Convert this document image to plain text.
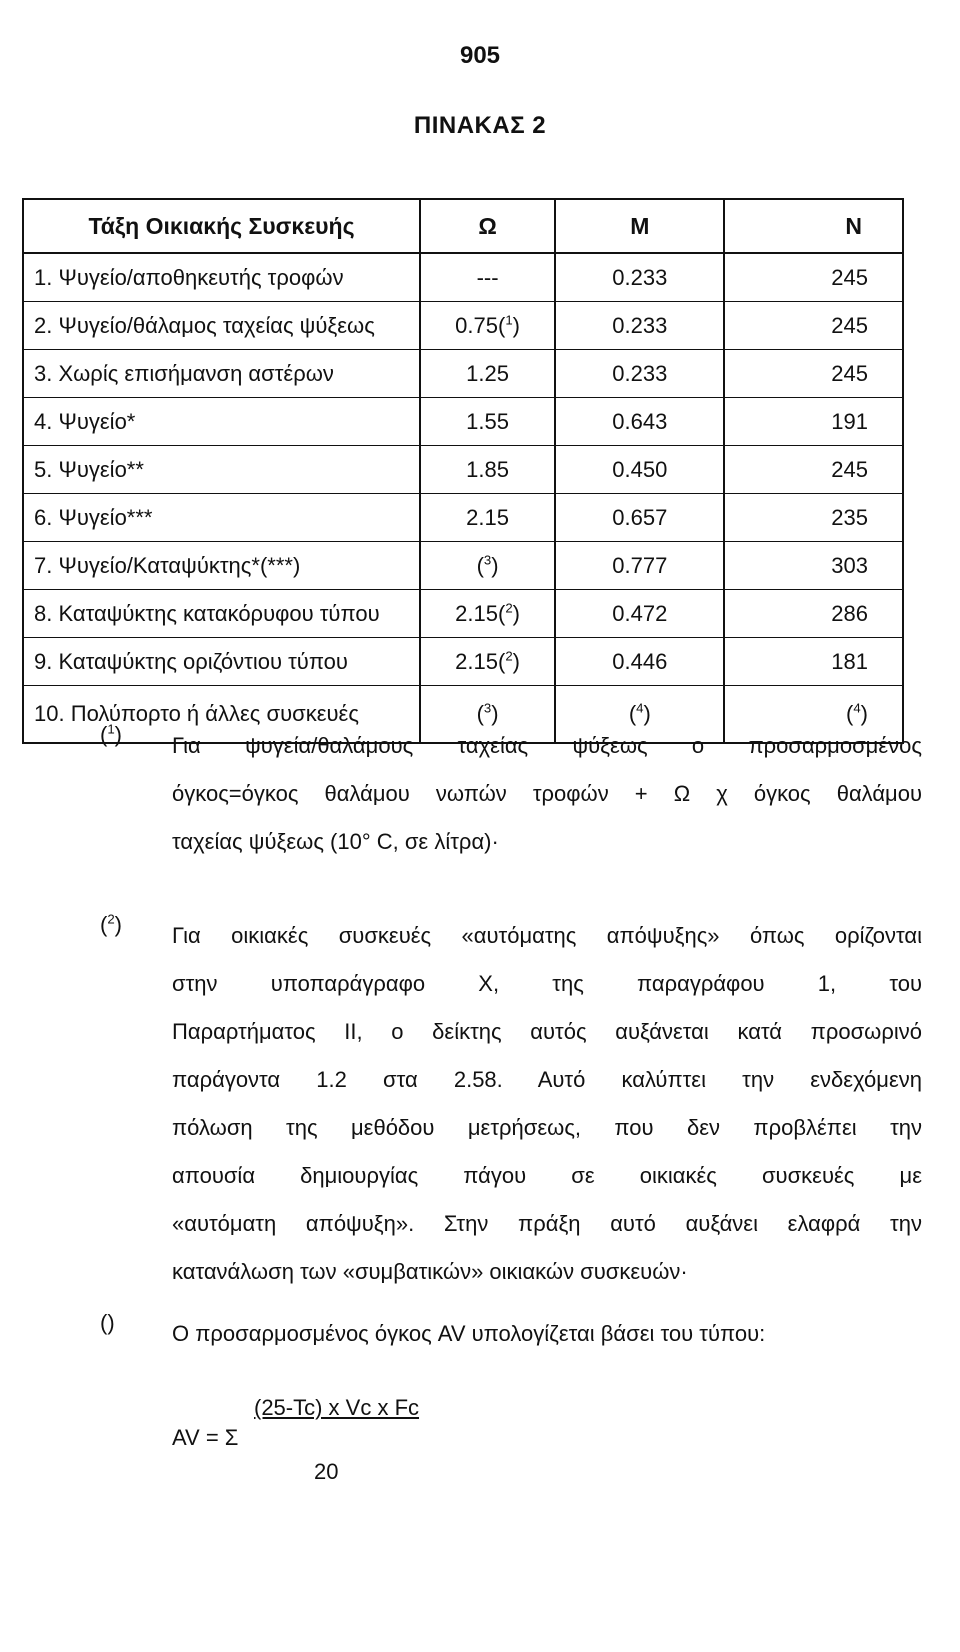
905
ΠΙΝΑΚΑΣ 2
Τάξη Οικιακής Συσκευής	Ω	M	N
1. Ψυγείο/αποθηκευτής τροφών	---	0.233	245
2. Ψυγείο/θάλαμος ταχείας ψύξεως	0.75($^1$)	0.233	245
3. Χωρίς επισήμανση αστέρων	1.25	0.233	245
4. Ψυγείο*	1.55	0.643	191
5. Ψυγείο**	1.85	0.450	245
6. Ψυγείο***	2.15	0.657	235
7. Ψυγείο/Καταψύκτης*(***)	($^3$)	0.777	303
8. Καταψύκτης κατακόρυφου τύπου	2.15($^2$)	0.472	286
9. Καταψύκτης οριζόντιου τύπου	2.15($^2$)	0.446	181
10. Πολύπορτο ή άλλες συσκευές	($^3$)	($^4$)	($^4$)
($^1$) Για ψυγεία/θαλάμους ταχείας ψύξεως ο προσαρμοσμένος
όγκος=όγκος θαλάμου νωπών τροφών + Ω χ όγκος θαλάμου
ταχείας ψύξεως (10° C, σε λίτρα)·
($^2$) Για οικιακές συσκευές «αυτόματης απόψυξης» όπως ορίζονται
στην υποπαράγραφο Χ, της παραγράφου 1, του
Παραρτήματος ΙΙ, ο δείκτης αυτός αυξάνεται κατά προσωρινό
παράγοντα 1.2 στα 2.58. Αυτό καλύπτει την ενδεχόμενη
πόλωση της μεθόδου μετρήσεως, που δεν προβλέπει την
απουσία δημιουργίας πάγου σε οικιακές συσκευές με
«αυτόματη απόψυξη». Στην πράξη αυτό αυξάνει ελαφρά την
κατανάλωση των «συμβατικών» οικιακών συσκευών·
()	Ο προσαρμοσμένος όγκος AV υπολογίζεται βάσει του τύπου:
AV = Σ
(25-Tc) x Vc x Fc
20
